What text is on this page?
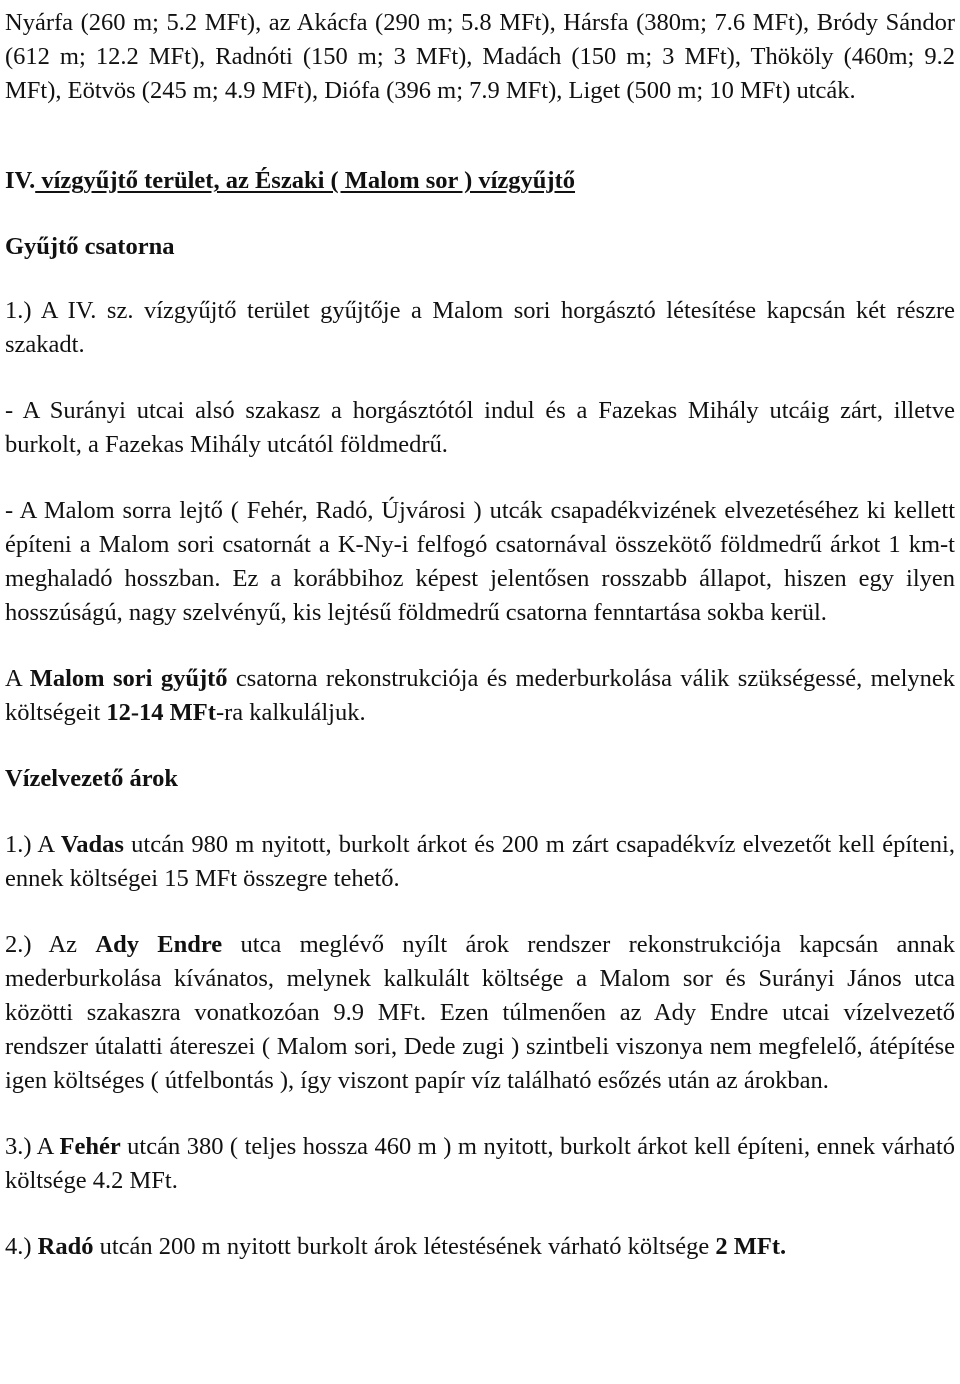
Nyárfa (260 m; 5.2 MFt), az Akácfa (290 m; 5.8 MFt), Hársfa (380m; 7.6 MFt), Bródy Sándor (612 m; 12.2 MFt), Radnóti (150 m; 3 MFt), Madách (150 m; 3 MFt), Thököly (460m; 9.2 MFt), Eötvös (245 m; 4.9 MFt), Diófa (396 m; 7.9 MFt), Liget (500 m; 10 MFt) utcák.

IV. vízgyűjtő terület, az Északi ( Malom sor ) vízgyűjtő
Gyűjtő csatorna

1.) A IV. sz. vízgyűjtő terület gyűjtője a Malom sori horgásztó létesítése kapcsán két részre szakadt.

- A Surányi utcai alsó szakasz a horgásztótól indul és a Fazekas Mihály utcáig zárt, illetve burkolt, a Fazekas Mihály utcától földmedrű.

- A Malom sorra lejtő ( Fehér, Radó, Újvárosi ) utcák csapadékvizének elvezetéséhez ki kellett építeni a Malom sori csatornát a K-Ny-i felfogó csatornával összekötő földmedrű árkot 1 km-t meghaladó hosszban. Ez a korábbihoz képest jelentősen rosszabb állapot, hiszen egy ilyen hosszúságú, nagy szelvényű, kis lejtésű földmedrű csatorna fenntartása sokba kerül.

A Malom sori gyűjtő csatorna rekonstrukciója és mederburkolása válik szükségessé, melynek költségeit 12-14 MFt-ra kalkuláljuk.

Vízelvezető árok

1.) A Vadas utcán 980 m nyitott, burkolt árkot és 200 m zárt csapadékvíz elvezetőt kell építeni, ennek költségei 15 MFt összegre tehető.

2.) Az Ady Endre utca meglévő nyílt árok rendszer rekonstrukciója kapcsán annak mederburkolása kívánatos, melynek kalkulált költsége a Malom sor és Surányi János utca közötti szakaszra vonatkozóan 9.9 MFt. Ezen túlmenően az Ady Endre utcai vízelvezető rendszer útalatti átereszei ( Malom sori, Dede zugi ) szintbeli viszonya nem megfelelő, átépítése igen költséges ( útfelbontás ), így viszont papír víz található esőzés után az árokban.

3.) A Fehér utcán 380 ( teljes hossza 460 m ) m nyitott, burkolt árkot kell építeni, ennek várható költsége 4.2 MFt.

4.) Radó utcán 200 m nyitott burkolt árok létestésének várható költsége 2 MFt.
